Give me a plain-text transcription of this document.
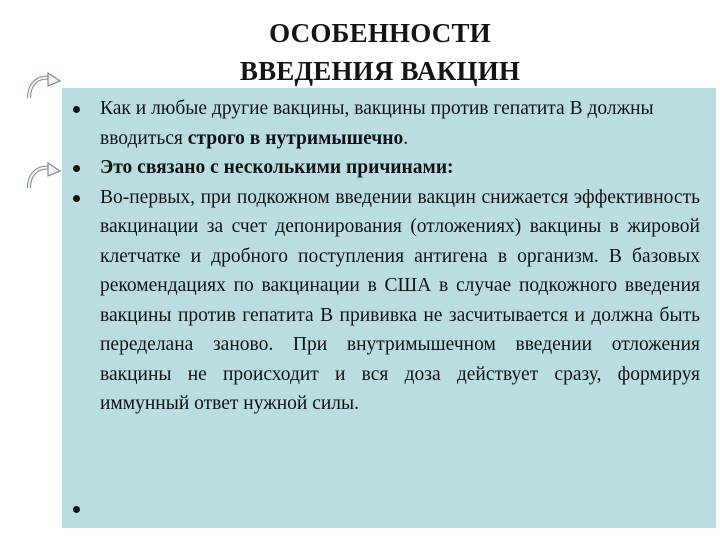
ОСОБЕННОСТИ
ВВЕДЕНИЯ ВАКЦИН
Как и любые другие вакцины, вакцины против гепатита В должны вводиться строго в нутримышечно.
Это связано с несколькими причинами:
Во-первых, при подкожном введении вакцин снижается эффективность вакцинации за счет депонирования (отложениях) вакцины в жировой клетчатке и дробного поступления антигена в организм. В базовых рекомендациях по вакцинации в США в случае подкожного введения вакцины против гепатита В прививка не засчитывается и должна быть переделана заново. При внутримышечном введении отложения вакцины не происходит и вся доза действует сразу, формируя иммунный ответ нужной силы.
